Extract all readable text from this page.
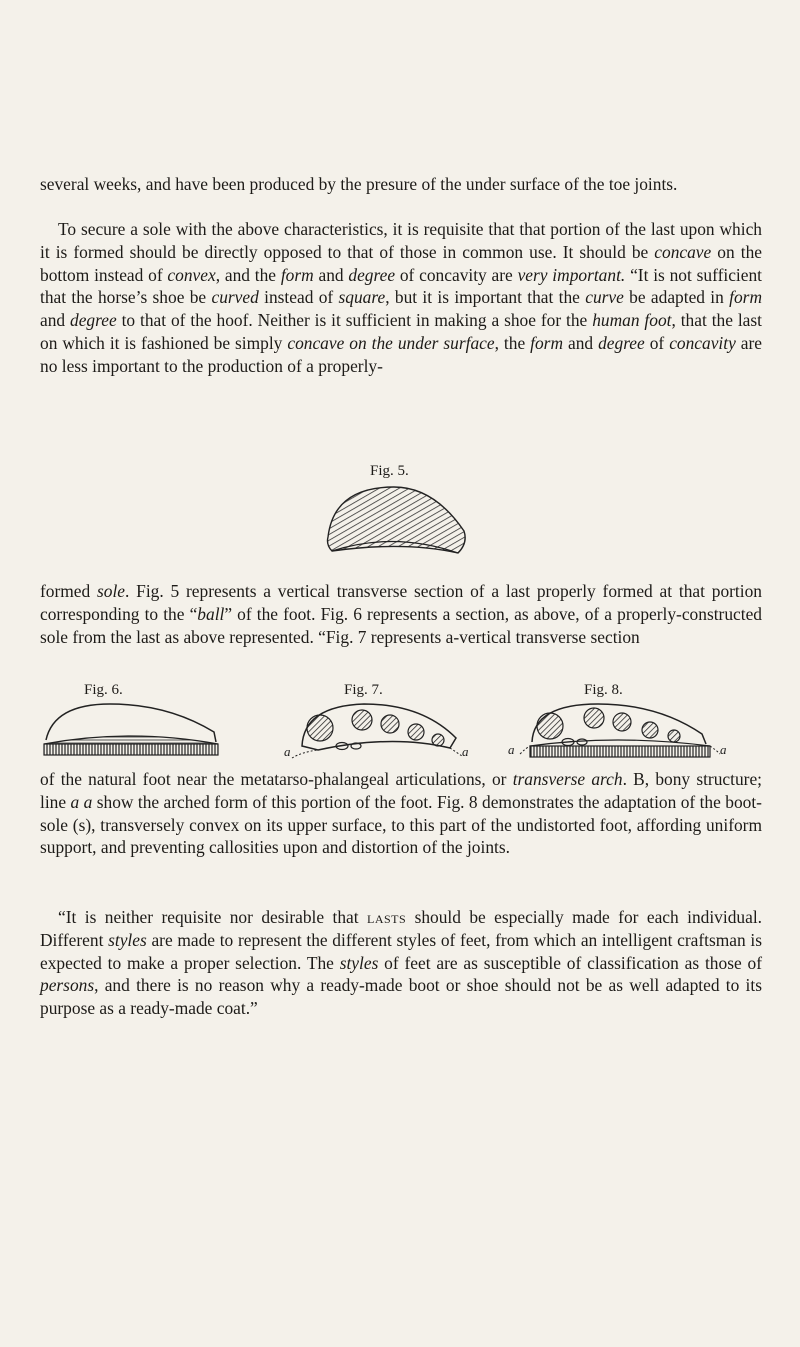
several weeks, and have been produced by the presure of the under surface of the toe joints.

To secure a sole with the above characteristics, it is requisite that that portion of the last upon which it is formed should be directly opposed to that of those in common use. It should be concave on the bottom instead of convex, and the form and degree of concavity are very important. “It is not sufficient that the horse’s shoe be curved instead of square, but it is important that the curve be adapted in form and degree to that of the hoof. Neither is it sufficient in making a shoe for the human foot, that the last on which it is fashioned be simply concave on the under surface, the form and degree of concavity are no less important to the production of a properly-

Fig. 5.

formed sole. Fig. 5 represents a vertical transverse section of a last properly formed at that portion corresponding to the “ball” of the foot. Fig. 6 represents a section, as above, of a properly-constructed sole from the last as above represented. “Fig. 7 represents a-vertical transverse section

Fig. 6.	Fig. 7.
a	a
Fig. 8.
a	a

of the natural foot near the metatarso-phalangeal articulations, or transverse arch. B, bony structure; line a a show the arched form of this portion of the foot. Fig. 8 demonstrates the adaptation of the boot-sole (s), transversely convex on its upper surface, to this part of the undistorted foot, affording uniform support, and preventing callosities upon and distortion of the joints.

“It is neither requisite nor desirable that lasts should be especially made for each individual. Different styles are made to represent the different styles of feet, from which an intelligent craftsman is expected to make a proper selection. The styles of feet are as susceptible of classification as those of persons, and there is no reason why a ready-made boot or shoe should not be as well adapted to its purpose as a ready-made coat.”
